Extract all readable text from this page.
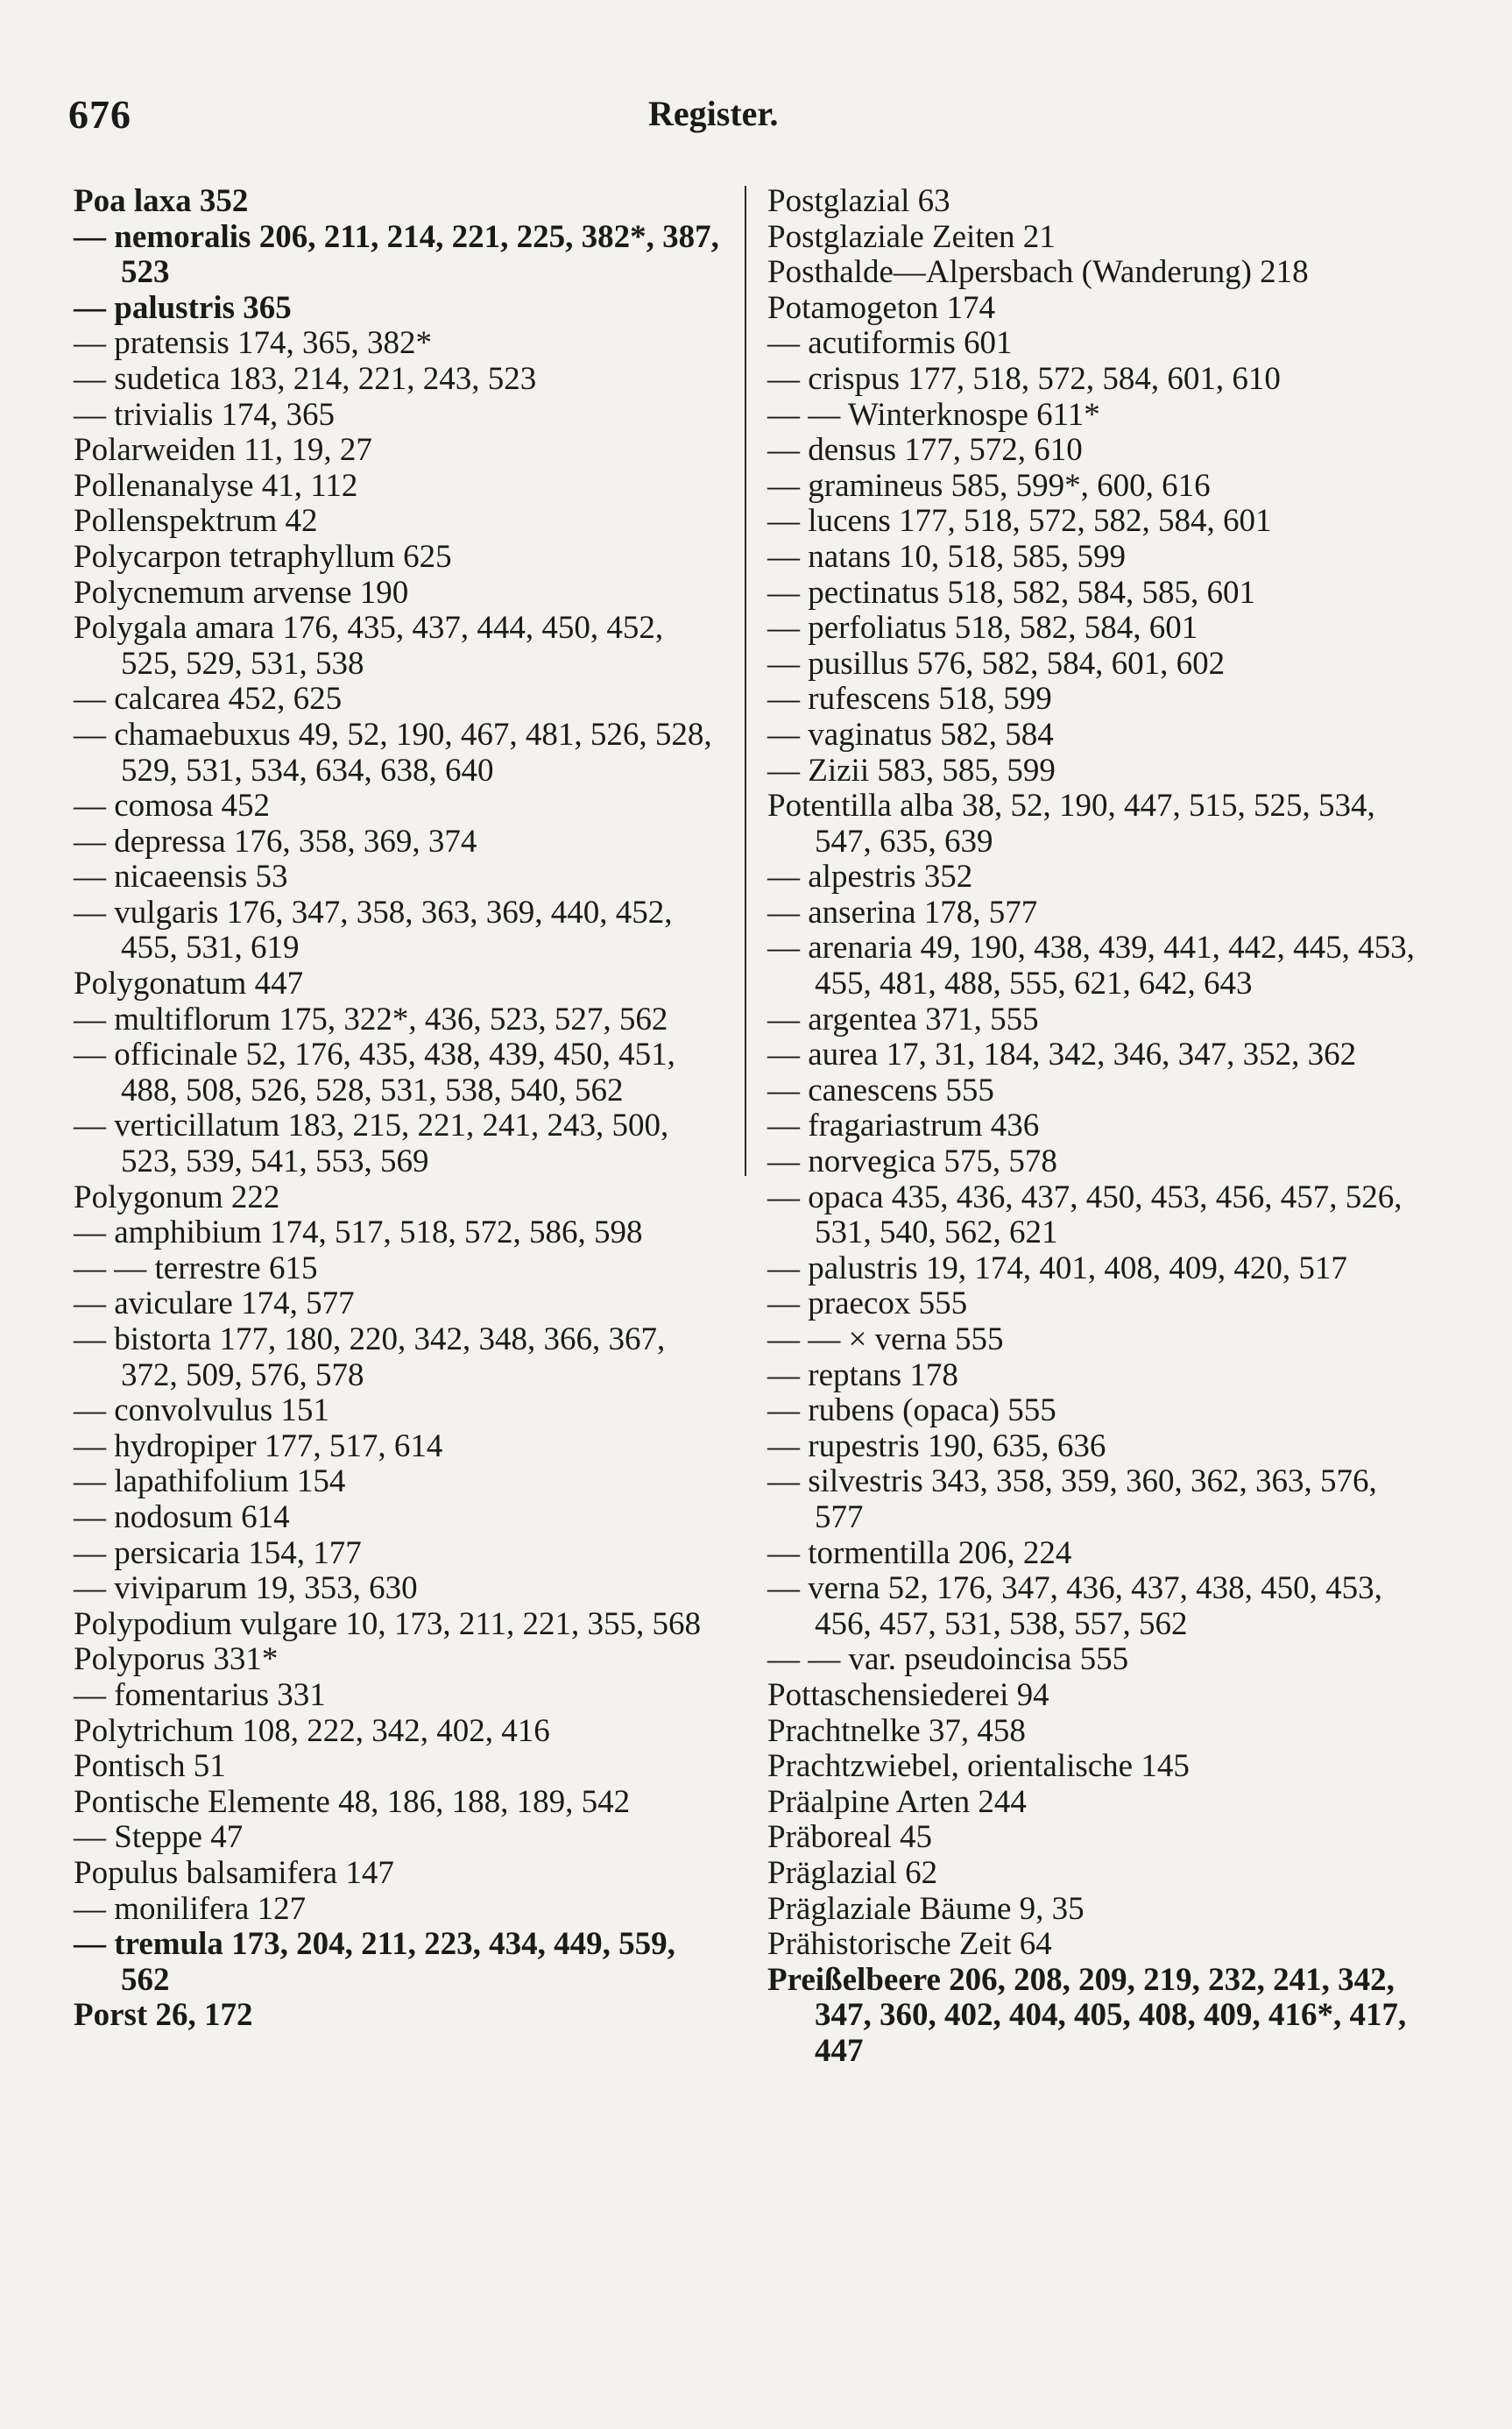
676	Register.

Poa laxa 352

— nemoralis 206, 211, 214, 221, 225, 382*, 387, 523

— palustris 365

— pratensis 174, 365, 382*

— sudetica 183, 214, 221, 243, 523

— trivialis 174, 365

Polarweiden 11, 19, 27

Pollenanalyse 41, 112

Pollenspektrum 42

Polycarpon tetraphyllum 625

Polycnemum arvense 190

Polygala amara 176, 435, 437, 444, 450, 452, 525, 529, 531, 538

— calcarea 452, 625

— chamaebuxus 49, 52, 190, 467, 481, 526, 528, 529, 531, 534, 634, 638, 640

— comosa 452

— depressa 176, 358, 369, 374

— nicaeensis 53

— vulgaris 176, 347, 358, 363, 369, 440, 452, 455, 531, 619

Polygonatum 447

— multiflorum 175, 322*, 436, 523, 527, 562

— officinale 52, 176, 435, 438, 439, 450, 451, 488, 508, 526, 528, 531, 538, 540, 562

— verticillatum 183, 215, 221, 241, 243, 500, 523, 539, 541, 553, 569

Polygonum 222

— amphibium 174, 517, 518, 572, 586, 598

— — terrestre 615

— aviculare 174, 577

— bistorta 177, 180, 220, 342, 348, 366, 367, 372, 509, 576, 578

— convolvulus 151

— hydropiper 177, 517, 614

— lapathifolium 154

— nodosum 614

— persicaria 154, 177

— viviparum 19, 353, 630

Polypodium vulgare 10, 173, 211, 221, 355, 568

Polyporus 331*

— fomentarius 331

Polytrichum 108, 222, 342, 402, 416

Pontisch 51

Pontische Elemente 48, 186, 188, 189, 542

— Steppe 47

Populus balsamifera 147

— monilifera 127

— tremula 173, 204, 211, 223, 434, 449, 559, 562

Porst 26, 172

Postglazial 63

Postglaziale Zeiten 21

Posthalde—Alpersbach (Wanderung) 218

Potamogeton 174

— acutiformis 601

— crispus 177, 518, 572, 584, 601, 610

— — Winterknospe 611*

— densus 177, 572, 610

— gramineus 585, 599*, 600, 616

— lucens 177, 518, 572, 582, 584, 601

— natans 10, 518, 585, 599

— pectinatus 518, 582, 584, 585, 601

— perfoliatus 518, 582, 584, 601

— pusillus 576, 582, 584, 601, 602

— rufescens 518, 599

— vaginatus 582, 584

— Zizii 583, 585, 599

Potentilla alba 38, 52, 190, 447, 515, 525, 534, 547, 635, 639

— alpestris 352

— anserina 178, 577

— arenaria 49, 190, 438, 439, 441, 442, 445, 453, 455, 481, 488, 555, 621, 642, 643

— argentea 371, 555

— aurea 17, 31, 184, 342, 346, 347, 352, 362

— canescens 555

— fragariastrum 436

— norvegica 575, 578

— opaca 435, 436, 437, 450, 453, 456, 457, 526, 531, 540, 562, 621

— palustris 19, 174, 401, 408, 409, 420, 517

— praecox 555

— — × verna 555

— reptans 178

— rubens (opaca) 555

— rupestris 190, 635, 636

— silvestris 343, 358, 359, 360, 362, 363, 576, 577

— tormentilla 206, 224

— verna 52, 176, 347, 436, 437, 438, 450, 453, 456, 457, 531, 538, 557, 562

— — var. pseudoincisa 555

Pottaschensiederei 94

Prachtnelke 37, 458

Prachtzwiebel, orientalische 145

Präalpine Arten 244

Präboreal 45

Präglazial 62

Präglaziale Bäume 9, 35

Prähistorische Zeit 64

Preißelbeere 206, 208, 209, 219, 232, 241, 342, 347, 360, 402, 404, 405, 408, 409, 416*, 417, 447
